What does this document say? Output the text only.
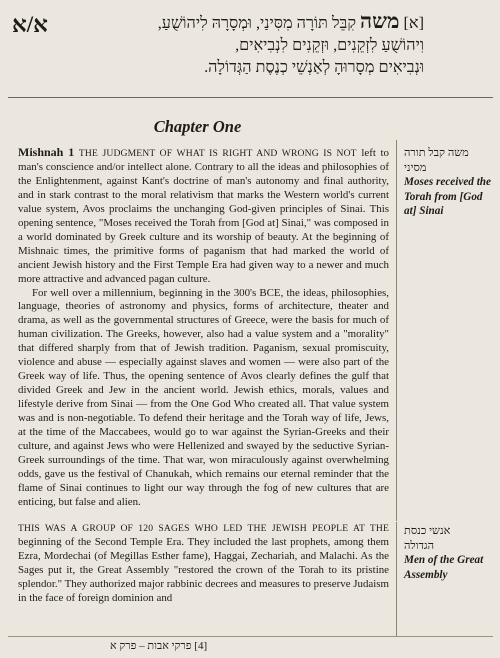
א/א	[א] משה קִבֵּל תּוֹרָה מִסִּינַי, וּמְסָרָהּ לִיהוֹשֻׁעַ,
וִיהוֹשֻׁעַ לִזְקֵנִים, וּזְקֵנִים לִנְבִיאִים,
וּנְבִיאִים מְסָרוּהָ לְאַנְשֵׁי כְנֶסֶת הַגְּדוֹלָה.
Chapter One

Mishnah 1 THE JUDGMENT OF WHAT IS RIGHT AND WRONG IS NOT left to man's conscience and/or intellect alone. Contrary to all the ideas and philosophies of the Enlightenment, against Kant's doctrine of man's autonomy and final authority, and in stark contrast to the moral relativism that marks the Western world's current value system, Avos proclaims the unchanging God-given principles of Sinai. This opening sentence, "Moses received the Torah from [God at] Sinai," was composed in a world dominated by Greek culture and its worship of beauty. At the beginning of Mishnaic times, the primitive forms of paganism that had marked the world of ancient Jewish history and the First Temple Era had given way to a newer and much more attractive and advanced pagan culture.

For well over a millennium, beginning in the 300's BCE, the ideas, philosophies, language, theories of astronomy and physics, forms of architecture, theater and drama, as well as the governmental structures of Greece, were the basis for much of human civilization. The Greeks, however, also had a value system and a "morality" that differed sharply from that of Jewish tradition. Paganism, sexual promiscuity, violence and abuse — especially against slaves and women — were also part of the Greek way of life. Thus, the opening sentence of Avos clearly defines the gulf that divided Greek and Jew in the ancient world. Jewish ethics, morals, values and lifestyle derive from Sinai — from the One God Who created all. That value system was and is non-negotiable. To defend their heritage and the Torah way of life, Jews, at the time of the Maccabees, would go to war against the Syrian-Greeks and their culture, and against Jews who were Hellenized and swayed by the seductive Syrian-Greek surroundings of the time. That war, won miraculously against overwhelming odds, gave us the festival of Chanukah, which remains our eternal reminder that the flame of Sinai continues to light our way through the fog of new cultures that are enticing, but false and alien.

THIS WAS A GROUP OF 120 SAGES WHO LED THE JEWISH PEOPLE AT THE beginning of the Second Temple Era. They included the last prophets, among them Ezra, Mordechai (of Megillas Esther fame), Haggai, Zechariah, and Malachi. As the Sages put it, the Great Assembly "restored the crown of the Torah to its pristine splendor." They authorized major rabbinic decrees and measures to preserve Judaism in the face of foreign dominion and

משה קבל תורה
מסיני
Moses received the Torah from [God at] Sinai
אנשי כנסת
הגדולה
Men of the Great Assembly
[4] פרקי אבות – פרק א
